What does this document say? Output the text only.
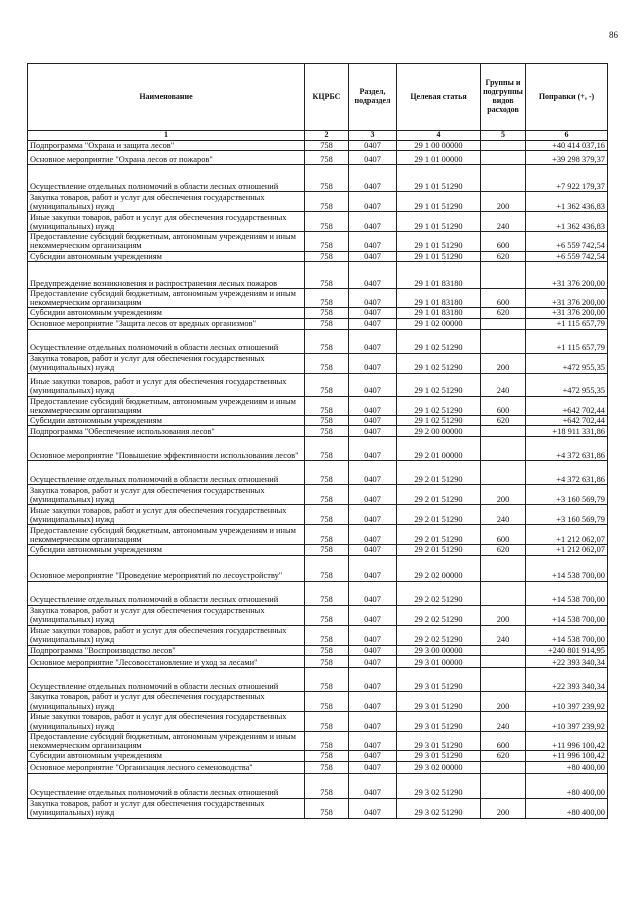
86
Наименование	КЦРБС	Раздел, подраздел	Целевая статья	Группы и подгруппы видов расходов	Поправки (+, -)
1	2	3	4	5	6
Подпрограмма "Охрана и защита лесов"	758	0407	29 1 00 00000		+40 414 037,16
Основное мероприятие "Охрана лесов от пожаров"	758	0407	29 1 01 00000		+39 298 379,37
Осуществление отдельных полномочий в области лесных отношений	758	0407	29 1 01 51290		+7 922 179,37
Закупка товаров, работ и услуг для обеспечения государственных (муниципальных) нужд	758	0407	29 1 01 51290	200	+1 362 436,83
Иные закупки товаров, работ и услуг для обеспечения государственных (муниципальных) нужд	758	0407	29 1 01 51290	240	+1 362 436,83
Предоставление субсидий бюджетным, автономным учреждениям и иным некоммерческим организациям	758	0407	29 1 01 51290	600	+6 559 742,54
Субсидии автономным учреждениям	758	0407	29 1 01 51290	620	+6 559 742,54
Предупреждение возникновения и распространения лесных пожаров	758	0407	29 1 01 83180		+31 376 200,00
Предоставление субсидий бюджетным, автономным учреждениям и иным некоммерческим организациям	758	0407	29 1 01 83180	600	+31 376 200,00
Субсидии автономным учреждениям	758	0407	29 1 01 83180	620	+31 376 200,00
Основное мероприятие "Защита лесов от вредных организмов"	758	0407	29 1 02 00000		+1 115 657,79
Осуществление отдельных полномочий в области лесных отношений	758	0407	29 1 02 51290		+1 115 657,79
Закупка товаров, работ и услуг для обеспечения государственных (муниципальных) нужд	758	0407	29 1 02 51290	200	+472 955,35
Иные закупки товаров, работ и услуг для обеспечения государственных (муниципальных) нужд	758	0407	29 1 02 51290	240	+472 955,35
Предоставление субсидий бюджетным, автономным учреждениям и иным некоммерческим организациям	758	0407	29 1 02 51290	600	+642 702,44
Субсидии автономным учреждениям	758	0407	29 1 02 51290	620	+642 702,44
Подпрограмма "Обеспечение использования лесов"	758	0407	29 2 00 00000		+18 911 331,86
Основное мероприятие "Повышение эффективности использования лесов"	758	0407	29 2 01 00000		+4 372 631,86
Осуществление отдельных полномочий в области лесных отношений	758	0407	29 2 01 51290		+4 372 631,86
Закупка товаров, работ и услуг для обеспечения государственных (муниципальных) нужд	758	0407	29 2 01 51290	200	+3 160 569,79
Иные закупки товаров, работ и услуг для обеспечения государственных (муниципальных) нужд	758	0407	29 2 01 51290	240	+3 160 569,79
Предоставление субсидий бюджетным, автономным учреждениям и иным некоммерческим организациям	758	0407	29 2 01 51290	600	+1 212 062,07
Субсидии автономным учреждениям	758	0407	29 2 01 51290	620	+1 212 062,07
Основное мероприятие "Проведение мероприятий по лесоустройству"	758	0407	29 2 02 00000		+14 538 700,00
Осуществление отдельных полномочий в области лесных отношений	758	0407	29 2 02 51290		+14 538 700,00
Закупка товаров, работ и услуг для обеспечения государственных (муниципальных) нужд	758	0407	29 2 02 51290	200	+14 538 700,00
Иные закупки товаров, работ и услуг для обеспечения государственных (муниципальных) нужд	758	0407	29 2 02 51290	240	+14 538 700,00
Подпрограмма "Воспроизводство лесов"	758	0407	29 3 00 00000		+240 801 914,95
Основное мероприятие "Лесовосстановление и уход за лесами"	758	0407	29 3 01 00000		+22 393 340,34
Осуществление отдельных полномочий в области лесных отношений	758	0407	29 3 01 51290		+22 393 340,34
Закупка товаров, работ и услуг для обеспечения государственных (муниципальных) нужд	758	0407	29 3 01 51290	200	+10 397 239,92
Иные закупки товаров, работ и услуг для обеспечения государственных (муниципальных) нужд	758	0407	29 3 01 51290	240	+10 397 239,92
Предоставление субсидий бюджетным, автономным учреждениям и иным некоммерческим организациям	758	0407	29 3 01 51290	600	+11 996 100,42
Субсидии автономным учреждениям	758	0407	29 3 01 51290	620	+11 996 100,42
Основное мероприятие "Организация лесного семеноводства"	758	0407	29 3 02 00000		+80 400,00
Осуществление отдельных полномочий в области лесных отношений	758	0407	29 3 02 51290		+80 400,00
Закупка товаров, работ и услуг для обеспечения государственных (муниципальных) нужд	758	0407	29 3 02 51290	200	+80 400,00
